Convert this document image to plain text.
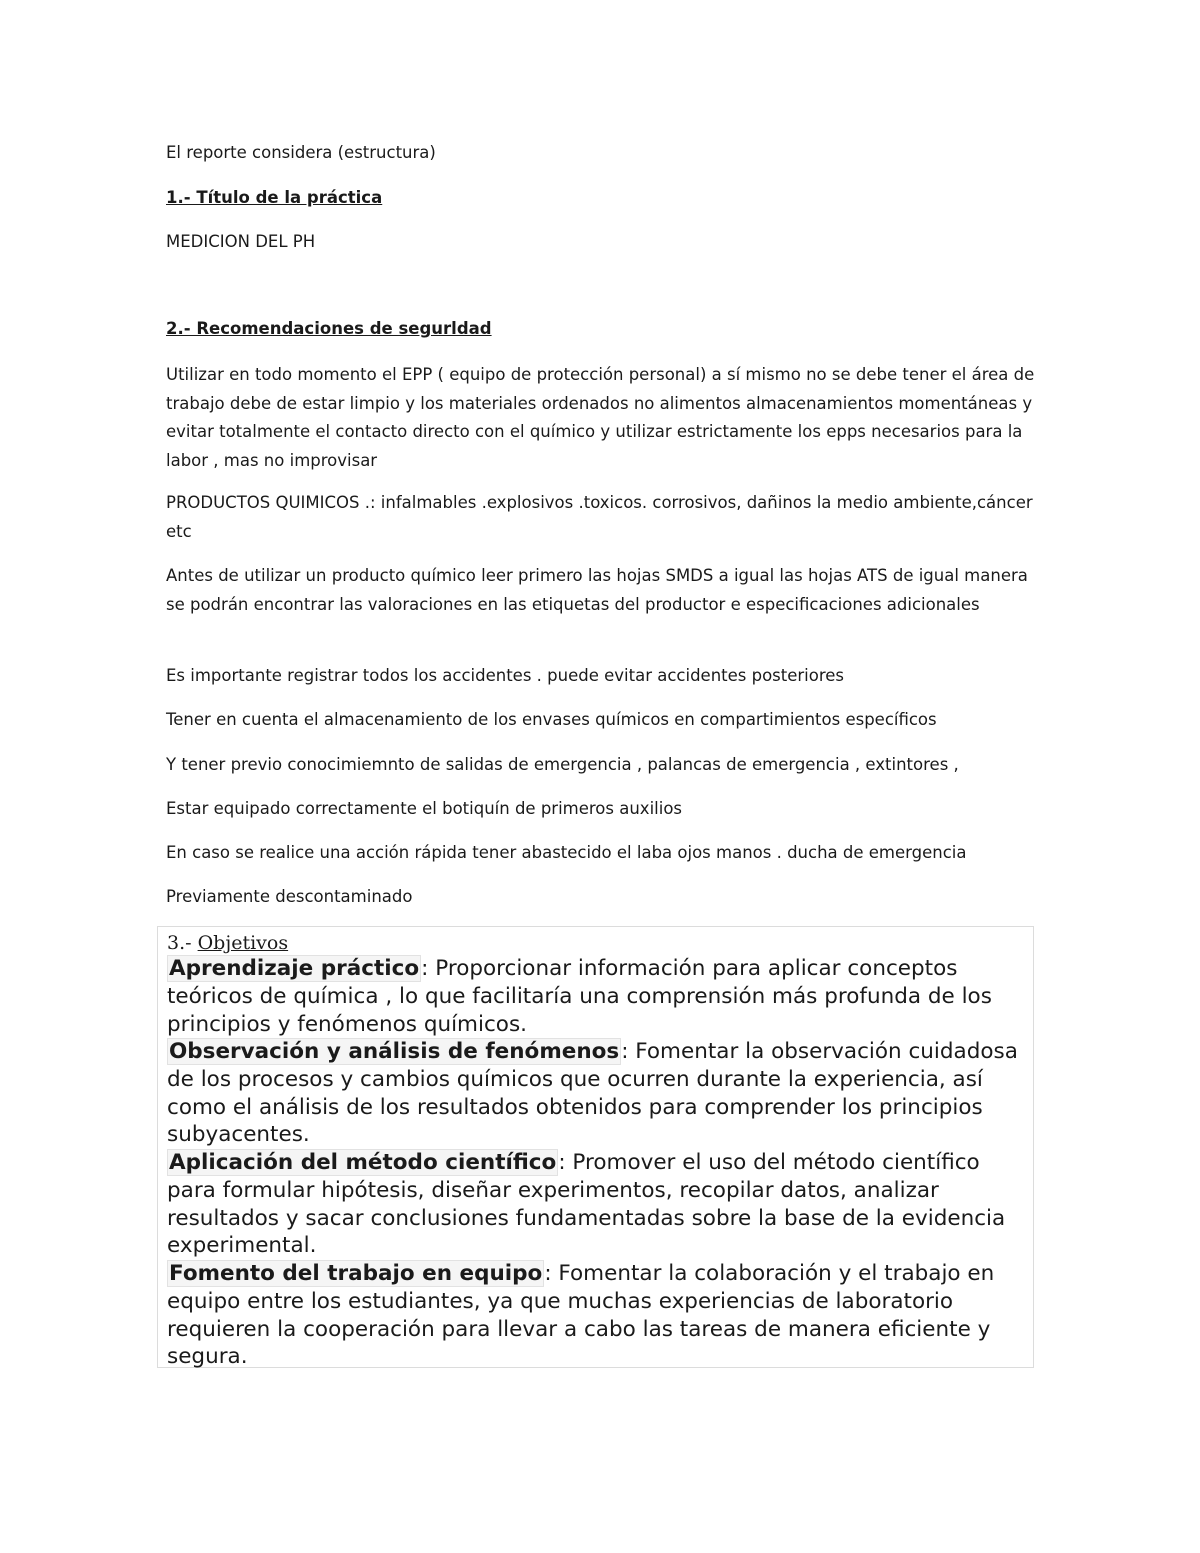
El reporte considera (estructura)

1.- Título de la práctica

MEDICION DEL PH

2.- Recomendaciones de segurldad

Utilizar en todo momento el EPP ( equipo de protección personal) a sí mismo no se debe tener el área de trabajo debe de estar limpio y los materiales ordenados no alimentos almacenamientos momentáneas y evitar totalmente el contacto directo con el químico y utilizar estrictamente los epps necesarios para la labor , mas no improvisar

PRODUCTOS QUIMICOS .: infalmables .explosivos .toxicos. corrosivos, dañinos la medio ambiente,cáncer etc

Antes de utilizar un producto químico leer primero las hojas SMDS a igual las hojas ATS de igual manera se podrán encontrar las valoraciones en las etiquetas del productor e especificaciones adicionales

Es importante registrar todos los accidentes . puede evitar accidentes posteriores

Tener en cuenta el almacenamiento de los envases químicos en compartimientos específicos

Y tener previo conocimiemnto de salidas de emergencia , palancas de emergencia , extintores ,

Estar equipado correctamente el botiquín de primeros auxilios

En caso se realice una acción rápida tener abastecido el laba ojos manos . ducha de emergencia

Previamente descontaminado

3.- Objetivos

Aprendizaje práctico: Proporcionar información para aplicar conceptos teóricos de química , lo que facilitaría una comprensión más profunda de los principios y fenómenos químicos.

Observación y análisis de fenómenos: Fomentar la observación cuidadosa de los procesos y cambios químicos que ocurren durante la experiencia, así como el análisis de los resultados obtenidos para comprender los principios subyacentes.

Aplicación del método científico: Promover el uso del método científico para formular hipótesis, diseñar experimentos, recopilar datos, analizar resultados y sacar conclusiones fundamentadas sobre la base de la evidencia experimental.

Fomento del trabajo en equipo: Fomentar la colaboración y el trabajo en equipo entre los estudiantes, ya que muchas experiencias de laboratorio requieren la cooperación para llevar a cabo las tareas de manera eficiente y segura.
